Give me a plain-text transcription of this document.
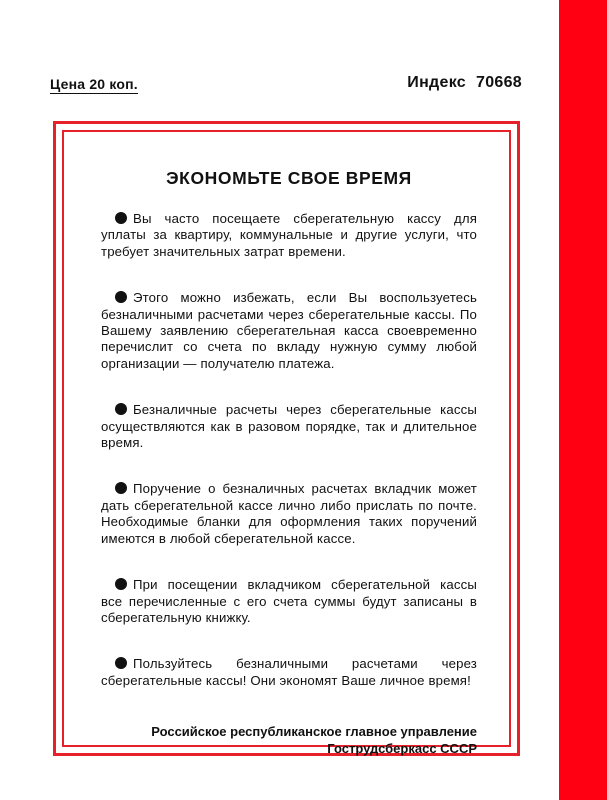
Цена 20 коп.	Индекс 70668
ЭКОНОМЬТЕ СВОЕ ВРЕМЯ

Вы часто посещаете сберегательную кассу для уплаты за квартиру, коммунальные и другие услуги, что требует значительных затрат времени.

Этого можно избежать, если Вы воспользуетесь безналичными расчетами через сберегательные кассы. По Вашему заявлению сберегательная касса своевременно перечислит со счета по вкладу нужную сумму любой организации — получателю платежа.

Безналичные расчеты через сберегательные кассы осуществляются как в разовом порядке, так и длительное время.

Поручение о безналичных расчетах вкладчик может дать сберегательной кассе лично либо прислать по почте. Необходимые бланки для оформления таких поручений имеются в любой сберегательной кассе.

При посещении вкладчиком сберегательной кассы все перечисленные с его счета суммы будут записаны в сберегательную книжку.

Пользуйтесь безналичными расчетами через сберегательные кассы! Они экономят Ваше личное время!

Российское республиканское главное управление
Гострудсберкасс СССР
